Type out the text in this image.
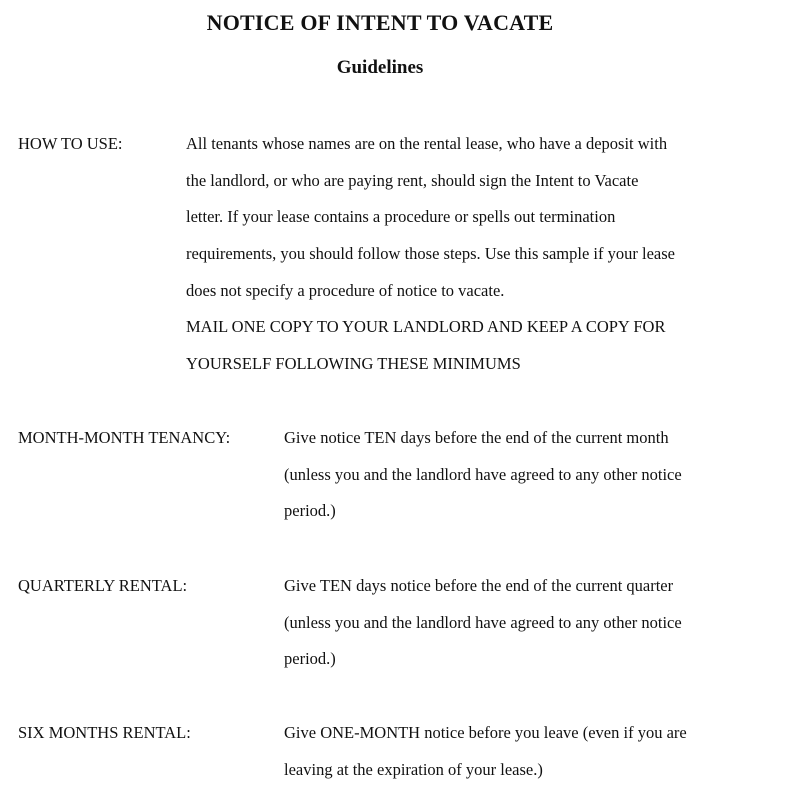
NOTICE OF INTENT TO VACATE
Guidelines
HOW TO USE:	All tenants whose names are on the rental lease, who have a deposit with
the landlord, or who are paying rent, should sign the Intent to Vacate
letter. If your lease contains a procedure or spells out termination
requirements, you should follow those steps. Use this sample if your lease
does not specify a procedure of notice to vacate.
MAIL ONE COPY TO YOUR LANDLORD AND KEEP A COPY FOR
YOURSELF FOLLOWING THESE MINIMUMS
MONTH-MONTH TENANCY:	Give notice TEN days before the end of the current month
(unless you and the landlord have agreed to any other notice
period.)
QUARTERLY RENTAL:	Give TEN days notice before the end of the current quarter
(unless you and the landlord have agreed to any other notice
period.)
SIX MONTHS RENTAL:	Give ONE-MONTH notice before you leave (even if you are
leaving at the expiration of your lease.)
